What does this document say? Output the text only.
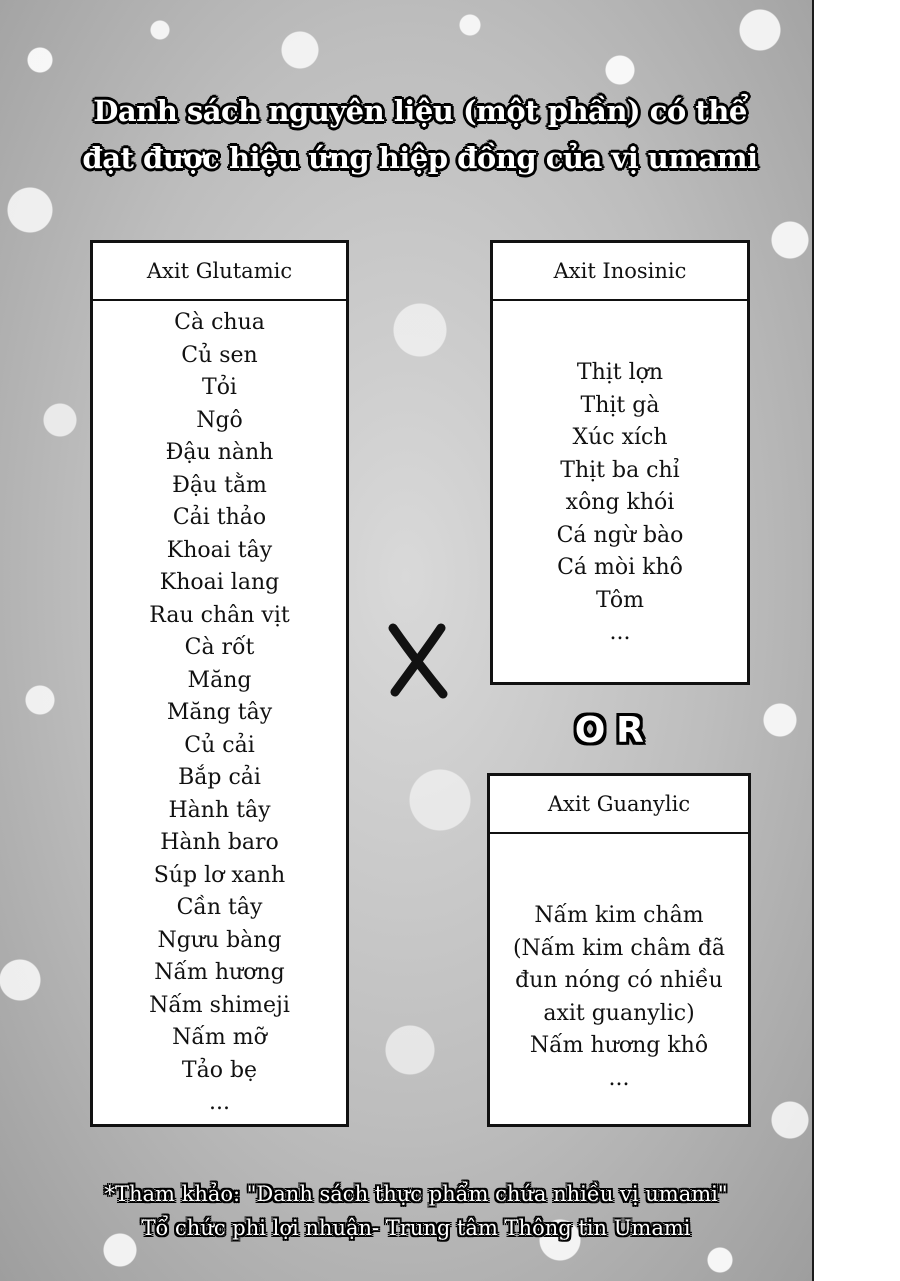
Danh sách nguyên liệu (một phần) có thể
đạt được hiệu ứng hiệp đồng của vị umami
Axit Glutamic
Cà chua
Củ sen
Tỏi
Ngô
Đậu nành
Đậu tằm
Cải thảo
Khoai tây
Khoai lang
Rau chân vịt
Cà rốt
Măng
Măng tây
Củ cải
Bắp cải
Hành tây
Hành baro
Súp lơ xanh
Cần tây
Ngưu bàng
Nấm hương
Nấm shimeji
Nấm mỡ
Tảo bẹ
...
Axit Inosinic
Thịt lợn
Thịt gà
Xúc xích
Thịt ba chỉ
xông khói
Cá ngừ bào
Cá mòi khô
Tôm
...
O R
Axit Guanylic
Nấm kim châm
(Nấm kim châm đã
đun nóng có nhiều
axit guanylic)
Nấm hương khô
...
*Tham khảo: "Danh sách thực phẩm chứa nhiều vị umami"
Tổ chức phi lợi nhuận- Trung tâm Thông tin Umami
